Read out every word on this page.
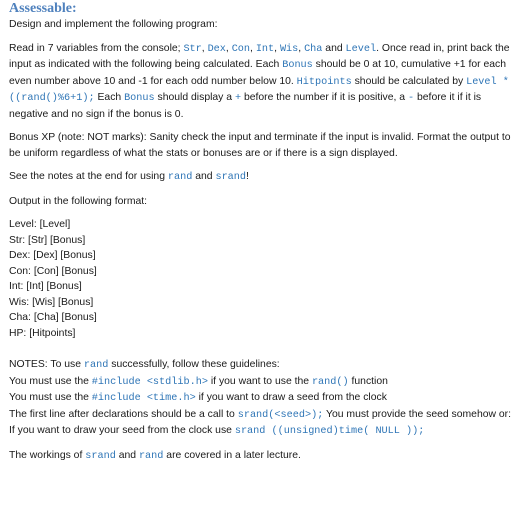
Assessable:

Design and implement the following program:

Read in 7 variables from the console; Str, Dex, Con, Int, Wis, Cha and Level. Once read in, print back the input as indicated with the following being calculated. Each Bonus should be 0 at 10, cumulative +1 for each even number above 10 and -1 for each odd number below 10. Hitpoints should be calculated by Level * ((rand()%6+1); Each Bonus should display a + before the number if it is positive, a - before it if it is negative and no sign if the bonus is 0.

Bonus XP (note: NOT marks): Sanity check the input and terminate if the input is invalid. Format the output to be uniform regardless of what the stats or bonuses are or if there is a sign displayed.

See the notes at the end for using rand and srand!

Output in the following format:

Level: [Level]

Str: [Str] [Bonus]

Dex: [Dex] [Bonus]

Con: [Con] [Bonus]

Int: [Int] [Bonus]

Wis: [Wis] [Bonus]

Cha: [Cha] [Bonus]

HP: [Hitpoints]

NOTES: To use rand successfully, follow these guidelines:

You must use the #include <stdlib.h> if you want to use the rand() function

You must use the #include <time.h> if you want to draw a seed from the clock

The first line after declarations should be a call to srand(<seed>); You must provide the seed somehow or:

If you want to draw your seed from the clock use srand ((unsigned)time( NULL ));

The workings of srand and rand are covered in a later lecture.
